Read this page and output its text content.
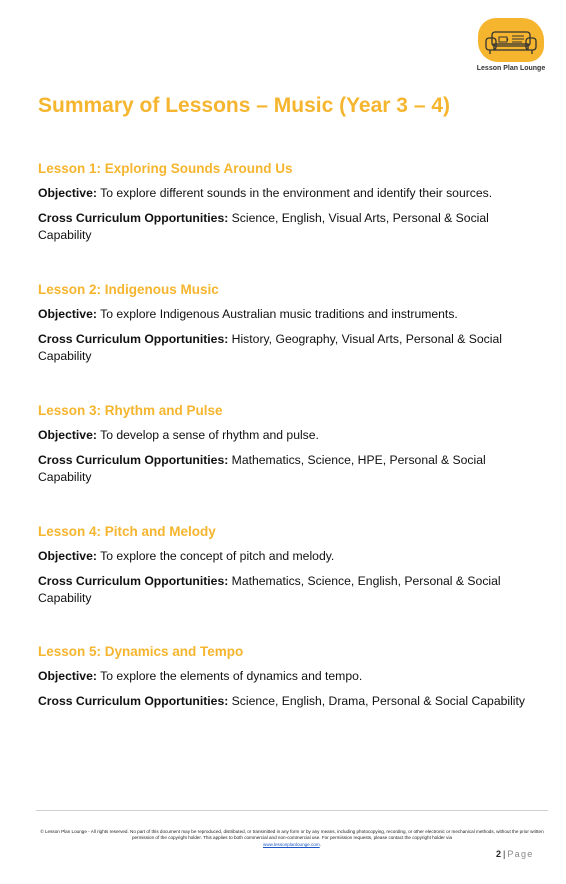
Lesson Plan Lounge
Summary of Lessons – Music (Year 3 – 4)
Lesson 1: Exploring Sounds Around Us

Objective: To explore different sounds in the environment and identify their sources.

Cross Curriculum Opportunities: Science, English, Visual Arts, Personal & Social Capability

Lesson 2: Indigenous Music

Objective: To explore Indigenous Australian music traditions and instruments.

Cross Curriculum Opportunities: History, Geography, Visual Arts, Personal & Social Capability

Lesson 3: Rhythm and Pulse

Objective: To develop a sense of rhythm and pulse.

Cross Curriculum Opportunities: Mathematics, Science, HPE, Personal & Social Capability

Lesson 4: Pitch and Melody

Objective: To explore the concept of pitch and melody.

Cross Curriculum Opportunities: Mathematics, Science, English, Personal & Social Capability

Lesson 5: Dynamics and Tempo

Objective: To explore the elements of dynamics and tempo.

Cross Curriculum Opportunities: Science, English, Drama, Personal & Social Capability

© Lesson Plan Lounge - All rights reserved. No part of this document may be reproduced, distributed, or transmitted in any form or by any means, including photocopying, recording, or other electronic or mechanical methods, without the prior written permission of the copyright holder. This applies to both commercial and non-commercial use. For permission requests, please contact the copyright holder via
www.lessonplanlounge.com.
2 | Page
